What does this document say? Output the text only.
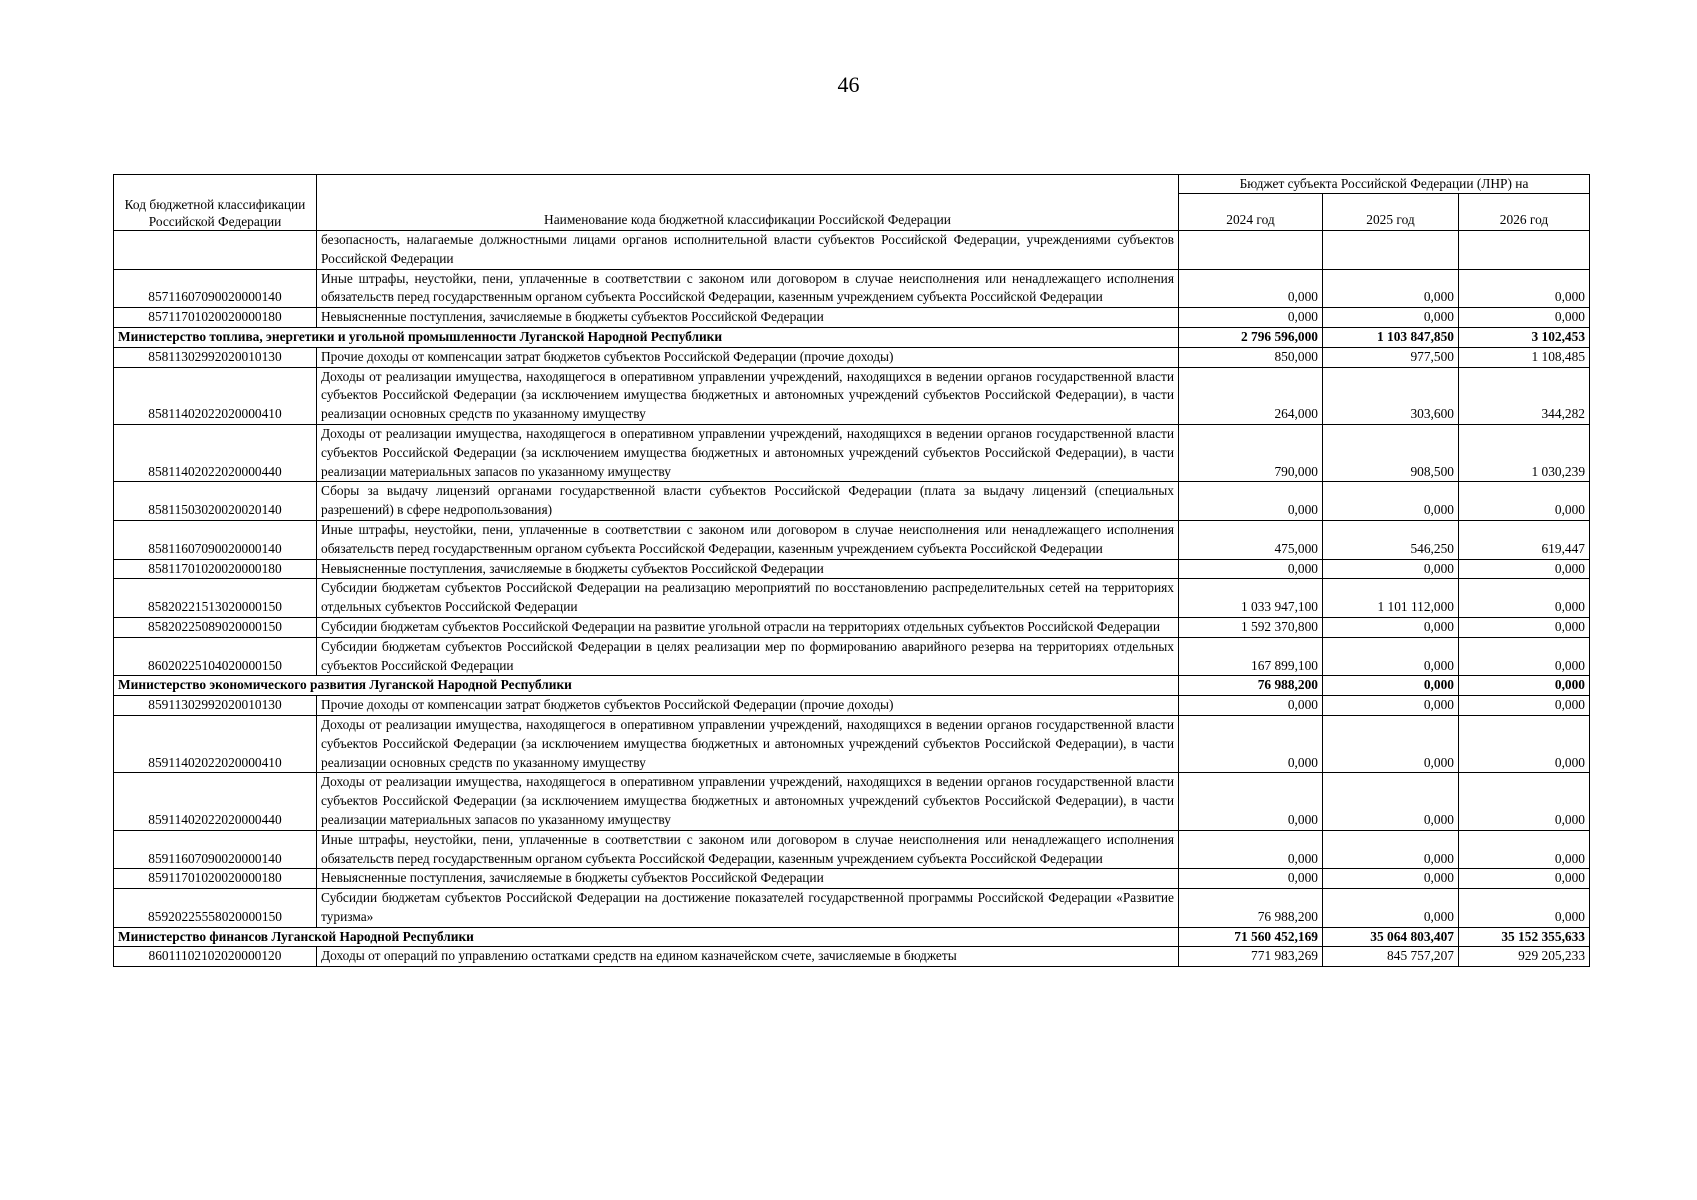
46
Код бюджетной классификации Российской Федерации	Наименование кода бюджетной классификации Российской Федерации	Бюджет субъекта Российской Федерации (ЛНР) на		
		2024 год	2025 год	2026 год
	безопасность, налагаемые должностными лицами органов исполнительной власти субъектов Российской Федерации, учреждениями субъектов Российской Федерации			
85711607090020000140	Иные штрафы, неустойки, пени, уплаченные в соответствии с законом или договором в случае неисполнения или ненадлежащего исполнения обязательств перед государственным органом субъекта Российской Федерации, казенным учреждением субъекта Российской Федерации	0,000	0,000	0,000
85711701020020000180	Невыясненные поступления, зачисляемые в бюджеты субъектов Российской Федерации	0,000	0,000	0,000
Министерство топлива, энергетики и угольной промышленности Луганской Народной Республики		2 796 596,000	1 103 847,850	3 102,453
85811302992020010130	Прочие доходы от компенсации затрат бюджетов субъектов Российской Федерации (прочие доходы)	850,000	977,500	1 108,485
85811402022020000410	Доходы от реализации имущества, находящегося в оперативном управлении учреждений, находящихся в ведении органов государственной власти субъектов Российской Федерации (за исключением имущества бюджетных и автономных учреждений субъектов Российской Федерации), в части реализации основных средств по указанному имуществу	264,000	303,600	344,282
85811402022020000440	Доходы от реализации имущества, находящегося в оперативном управлении учреждений, находящихся в ведении органов государственной власти субъектов Российской Федерации (за исключением имущества бюджетных и автономных учреждений субъектов Российской Федерации), в части реализации материальных запасов по указанному имуществу	790,000	908,500	1 030,239
85811503020020020140	Сборы за выдачу лицензий органами государственной власти субъектов Российской Федерации (плата за выдачу лицензий (специальных разрешений) в сфере недропользования)	0,000	0,000	0,000
85811607090020000140	Иные штрафы, неустойки, пени, уплаченные в соответствии с законом или договором в случае неисполнения или ненадлежащего исполнения обязательств перед государственным органом субъекта Российской Федерации, казенным учреждением субъекта Российской Федерации	475,000	546,250	619,447
85811701020020000180	Невыясненные поступления, зачисляемые в бюджеты субъектов Российской Федерации	0,000	0,000	0,000
85820221513020000150	Субсидии бюджетам субъектов Российской Федерации на реализацию мероприятий по восстановлению распределительных сетей на территориях отдельных субъектов Российской Федерации	1 033 947,100	1 101 112,000	0,000
85820225089020000150	Субсидии бюджетам субъектов Российской Федерации на развитие угольной отрасли на территориях отдельных субъектов Российской Федерации	1 592 370,800	0,000	0,000
86020225104020000150	Субсидии бюджетам субъектов Российской Федерации в целях реализации мер по формированию аварийного резерва на территориях отдельных субъектов Российской Федерации	167 899,100	0,000	0,000
Министерство экономического развития Луганской Народной Республики		76 988,200	0,000	0,000
85911302992020010130	Прочие доходы от компенсации затрат бюджетов субъектов Российской Федерации (прочие доходы)	0,000	0,000	0,000
85911402022020000410	Доходы от реализации имущества, находящегося в оперативном управлении учреждений, находящихся в ведении органов государственной власти субъектов Российской Федерации (за исключением имущества бюджетных и автономных учреждений субъектов Российской Федерации), в части реализации основных средств по указанному имуществу	0,000	0,000	0,000
85911402022020000440	Доходы от реализации имущества, находящегося в оперативном управлении учреждений, находящихся в ведении органов государственной власти субъектов Российской Федерации (за исключением имущества бюджетных и автономных учреждений субъектов Российской Федерации), в части реализации материальных запасов по указанному имуществу	0,000	0,000	0,000
85911607090020000140	Иные штрафы, неустойки, пени, уплаченные в соответствии с законом или договором в случае неисполнения или ненадлежащего исполнения обязательств перед государственным органом субъекта Российской Федерации, казенным учреждением субъекта Российской Федерации	0,000	0,000	0,000
85911701020020000180	Невыясненные поступления, зачисляемые в бюджеты субъектов Российской Федерации	0,000	0,000	0,000
85920225558020000150	Субсидии бюджетам субъектов Российской Федерации на достижение показателей государственной программы Российской Федерации «Развитие туризма»	76 988,200	0,000	0,000
Министерство финансов Луганской Народной Республики		71 560 452,169	35 064 803,407	35 152 355,633
86011102102020000120	Доходы от операций по управлению остатками средств на едином казначейском счете, зачисляемые в бюджеты	771 983,269	845 757,207	929 205,233
